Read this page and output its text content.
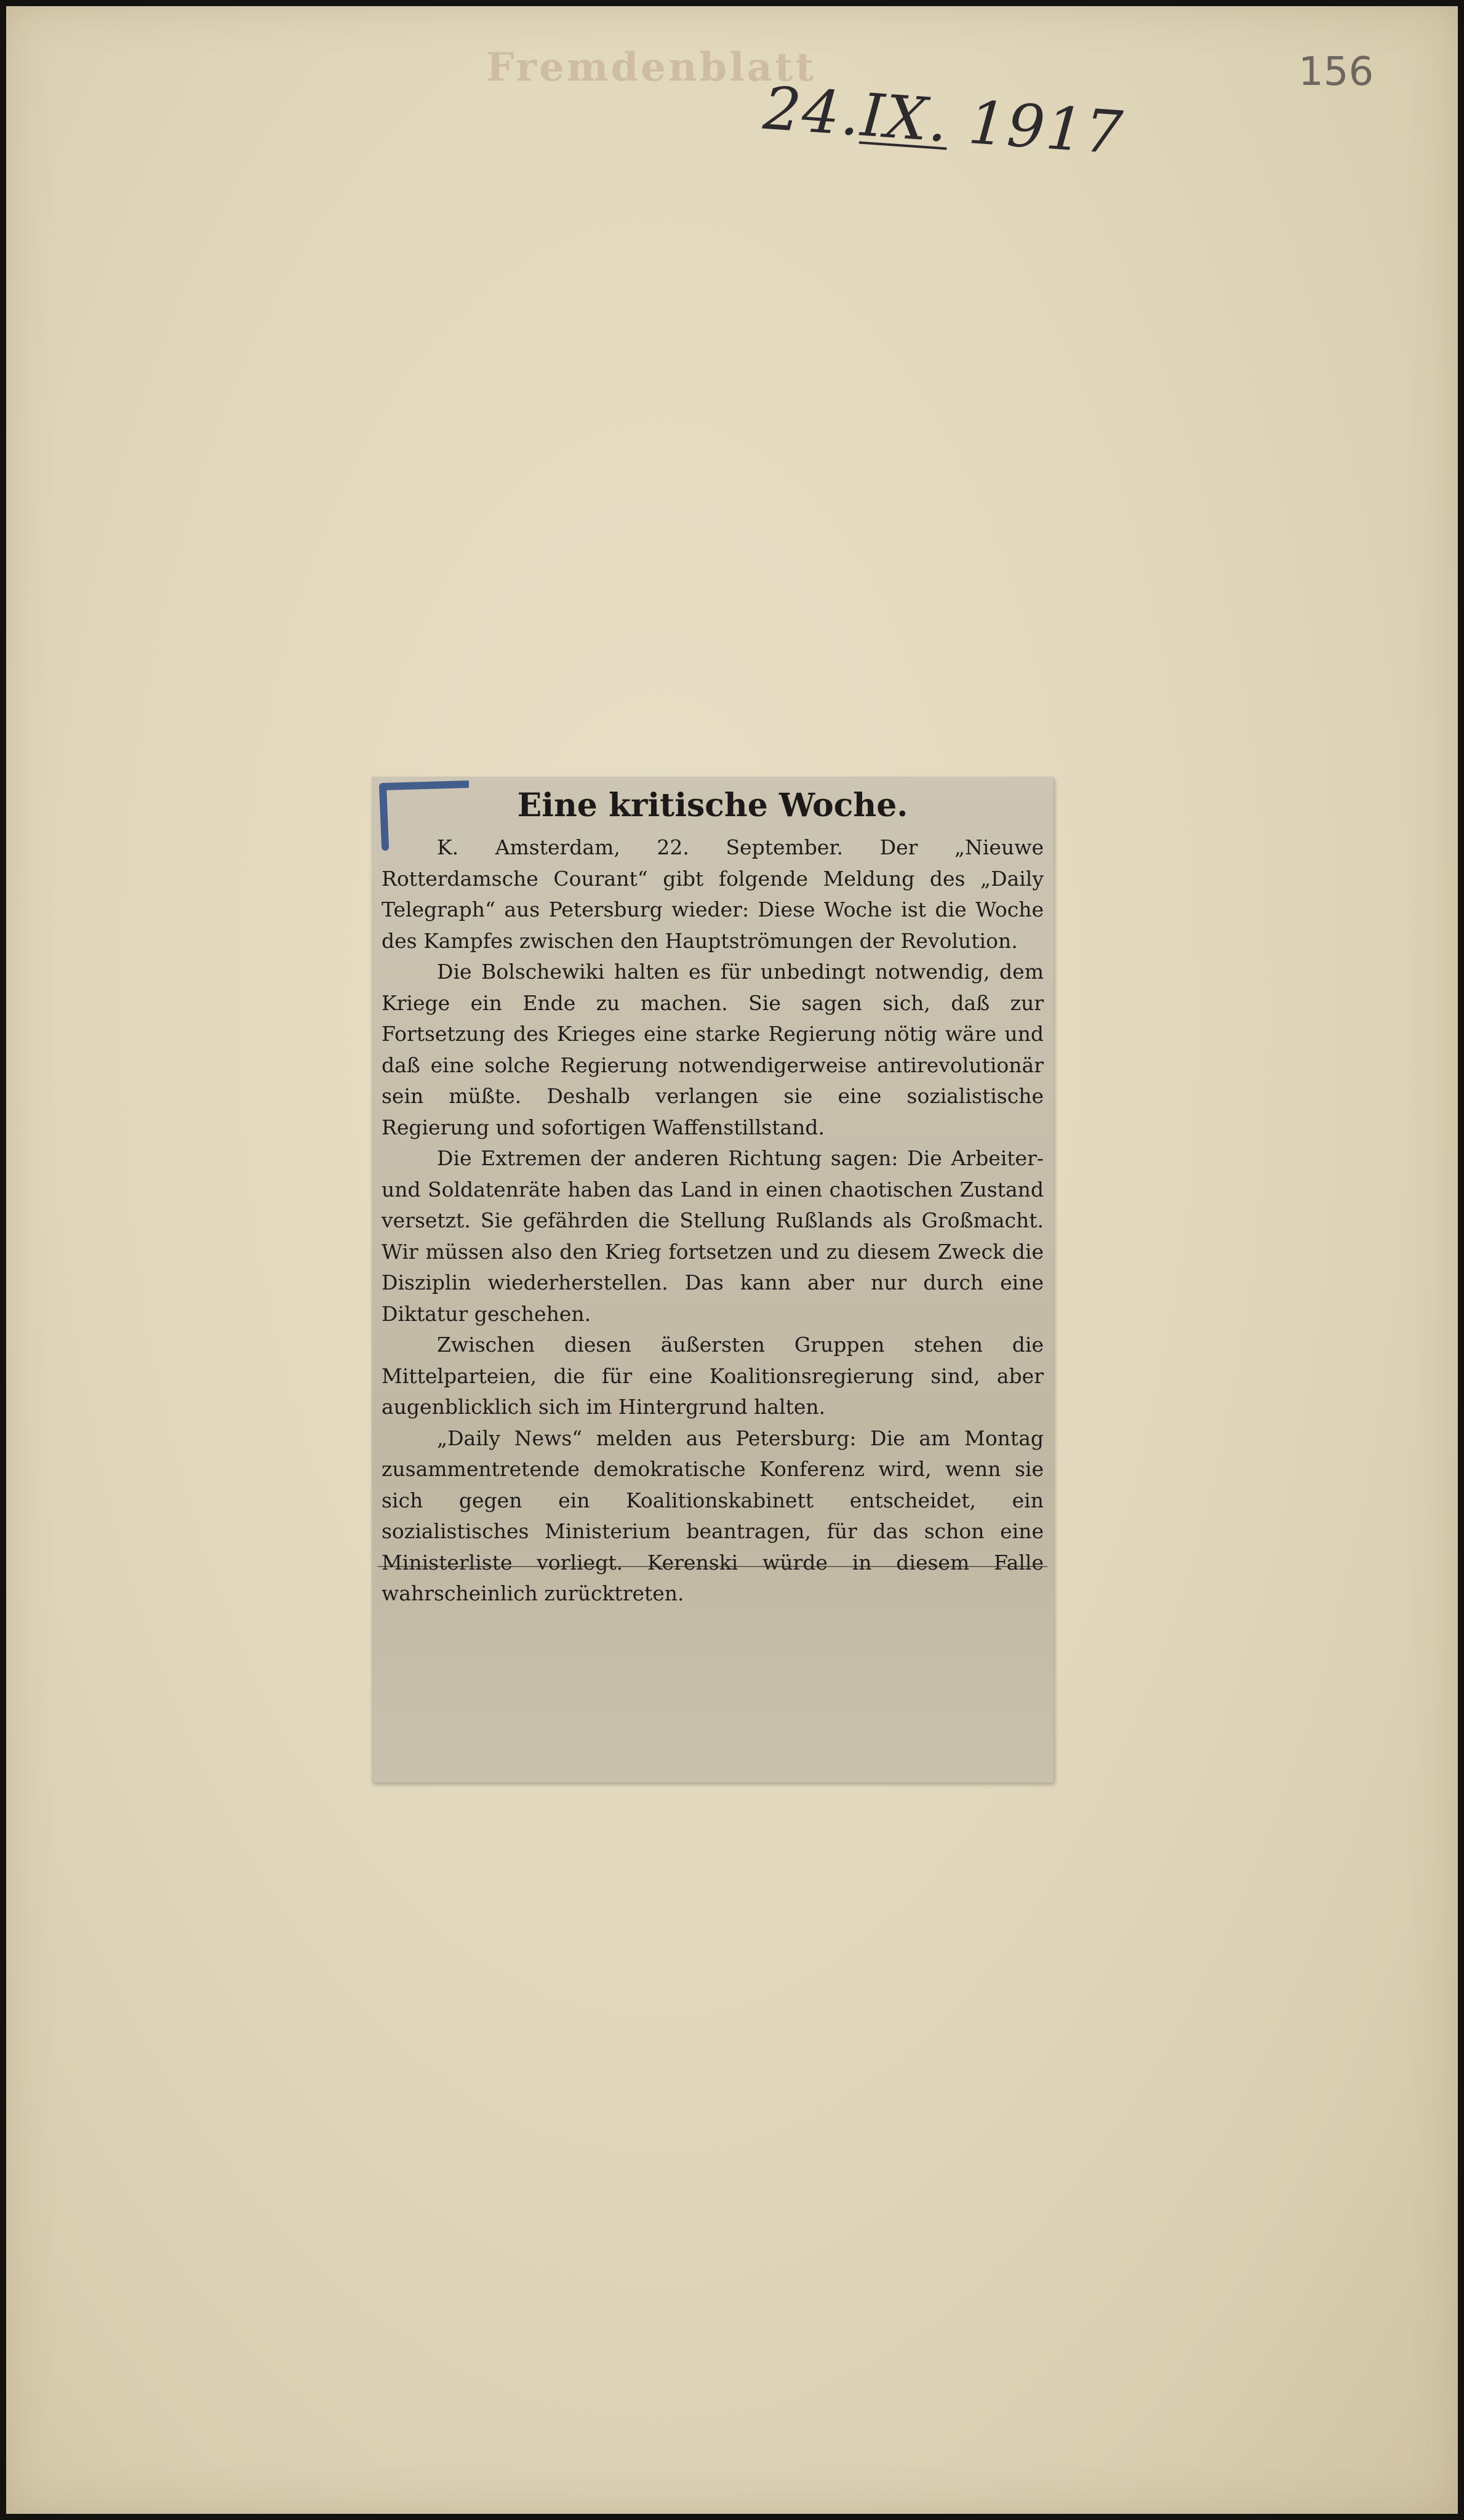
Fremdenblatt
24.IX. 1917
156
Eine kritische Woche.

K. Amsterdam, 22. September. Der „Nieuwe Rotterdamsche Courant“ gibt folgende Meldung des „Daily Telegraph“ aus Petersburg wieder: Diese Woche ist die Woche des Kampfes zwischen den Hauptströmungen der Revolution.

Die Bolschewiki halten es für unbedingt notwendig, dem Kriege ein Ende zu machen. Sie sagen sich, daß zur Fortsetzung des Krieges eine starke Regierung nötig wäre und daß eine solche Regierung notwendigerweise antirevolutionär sein müßte. Deshalb verlangen sie eine sozialistische Regierung und sofortigen Waffenstillstand.

Die Extremen der anderen Richtung sagen: Die Arbeiter- und Soldatenräte haben das Land in einen chaotischen Zustand versetzt. Sie gefährden die Stellung Rußlands als Großmacht. Wir müssen also den Krieg fortsetzen und zu diesem Zweck die Disziplin wiederherstellen. Das kann aber nur durch eine Diktatur geschehen.

Zwischen diesen äußersten Gruppen stehen die Mittelparteien, die für eine Koalitionsregierung sind, aber augenblicklich sich im Hintergrund halten.

„Daily News“ melden aus Petersburg: Die am Montag zusammentretende demokratische Konferenz wird, wenn sie sich gegen ein Koalitionskabinett entscheidet, ein sozialistisches Ministerium beantragen, für das schon eine Ministerliste vorliegt. Kerenski würde in diesem Falle wahrscheinlich zurücktreten.
